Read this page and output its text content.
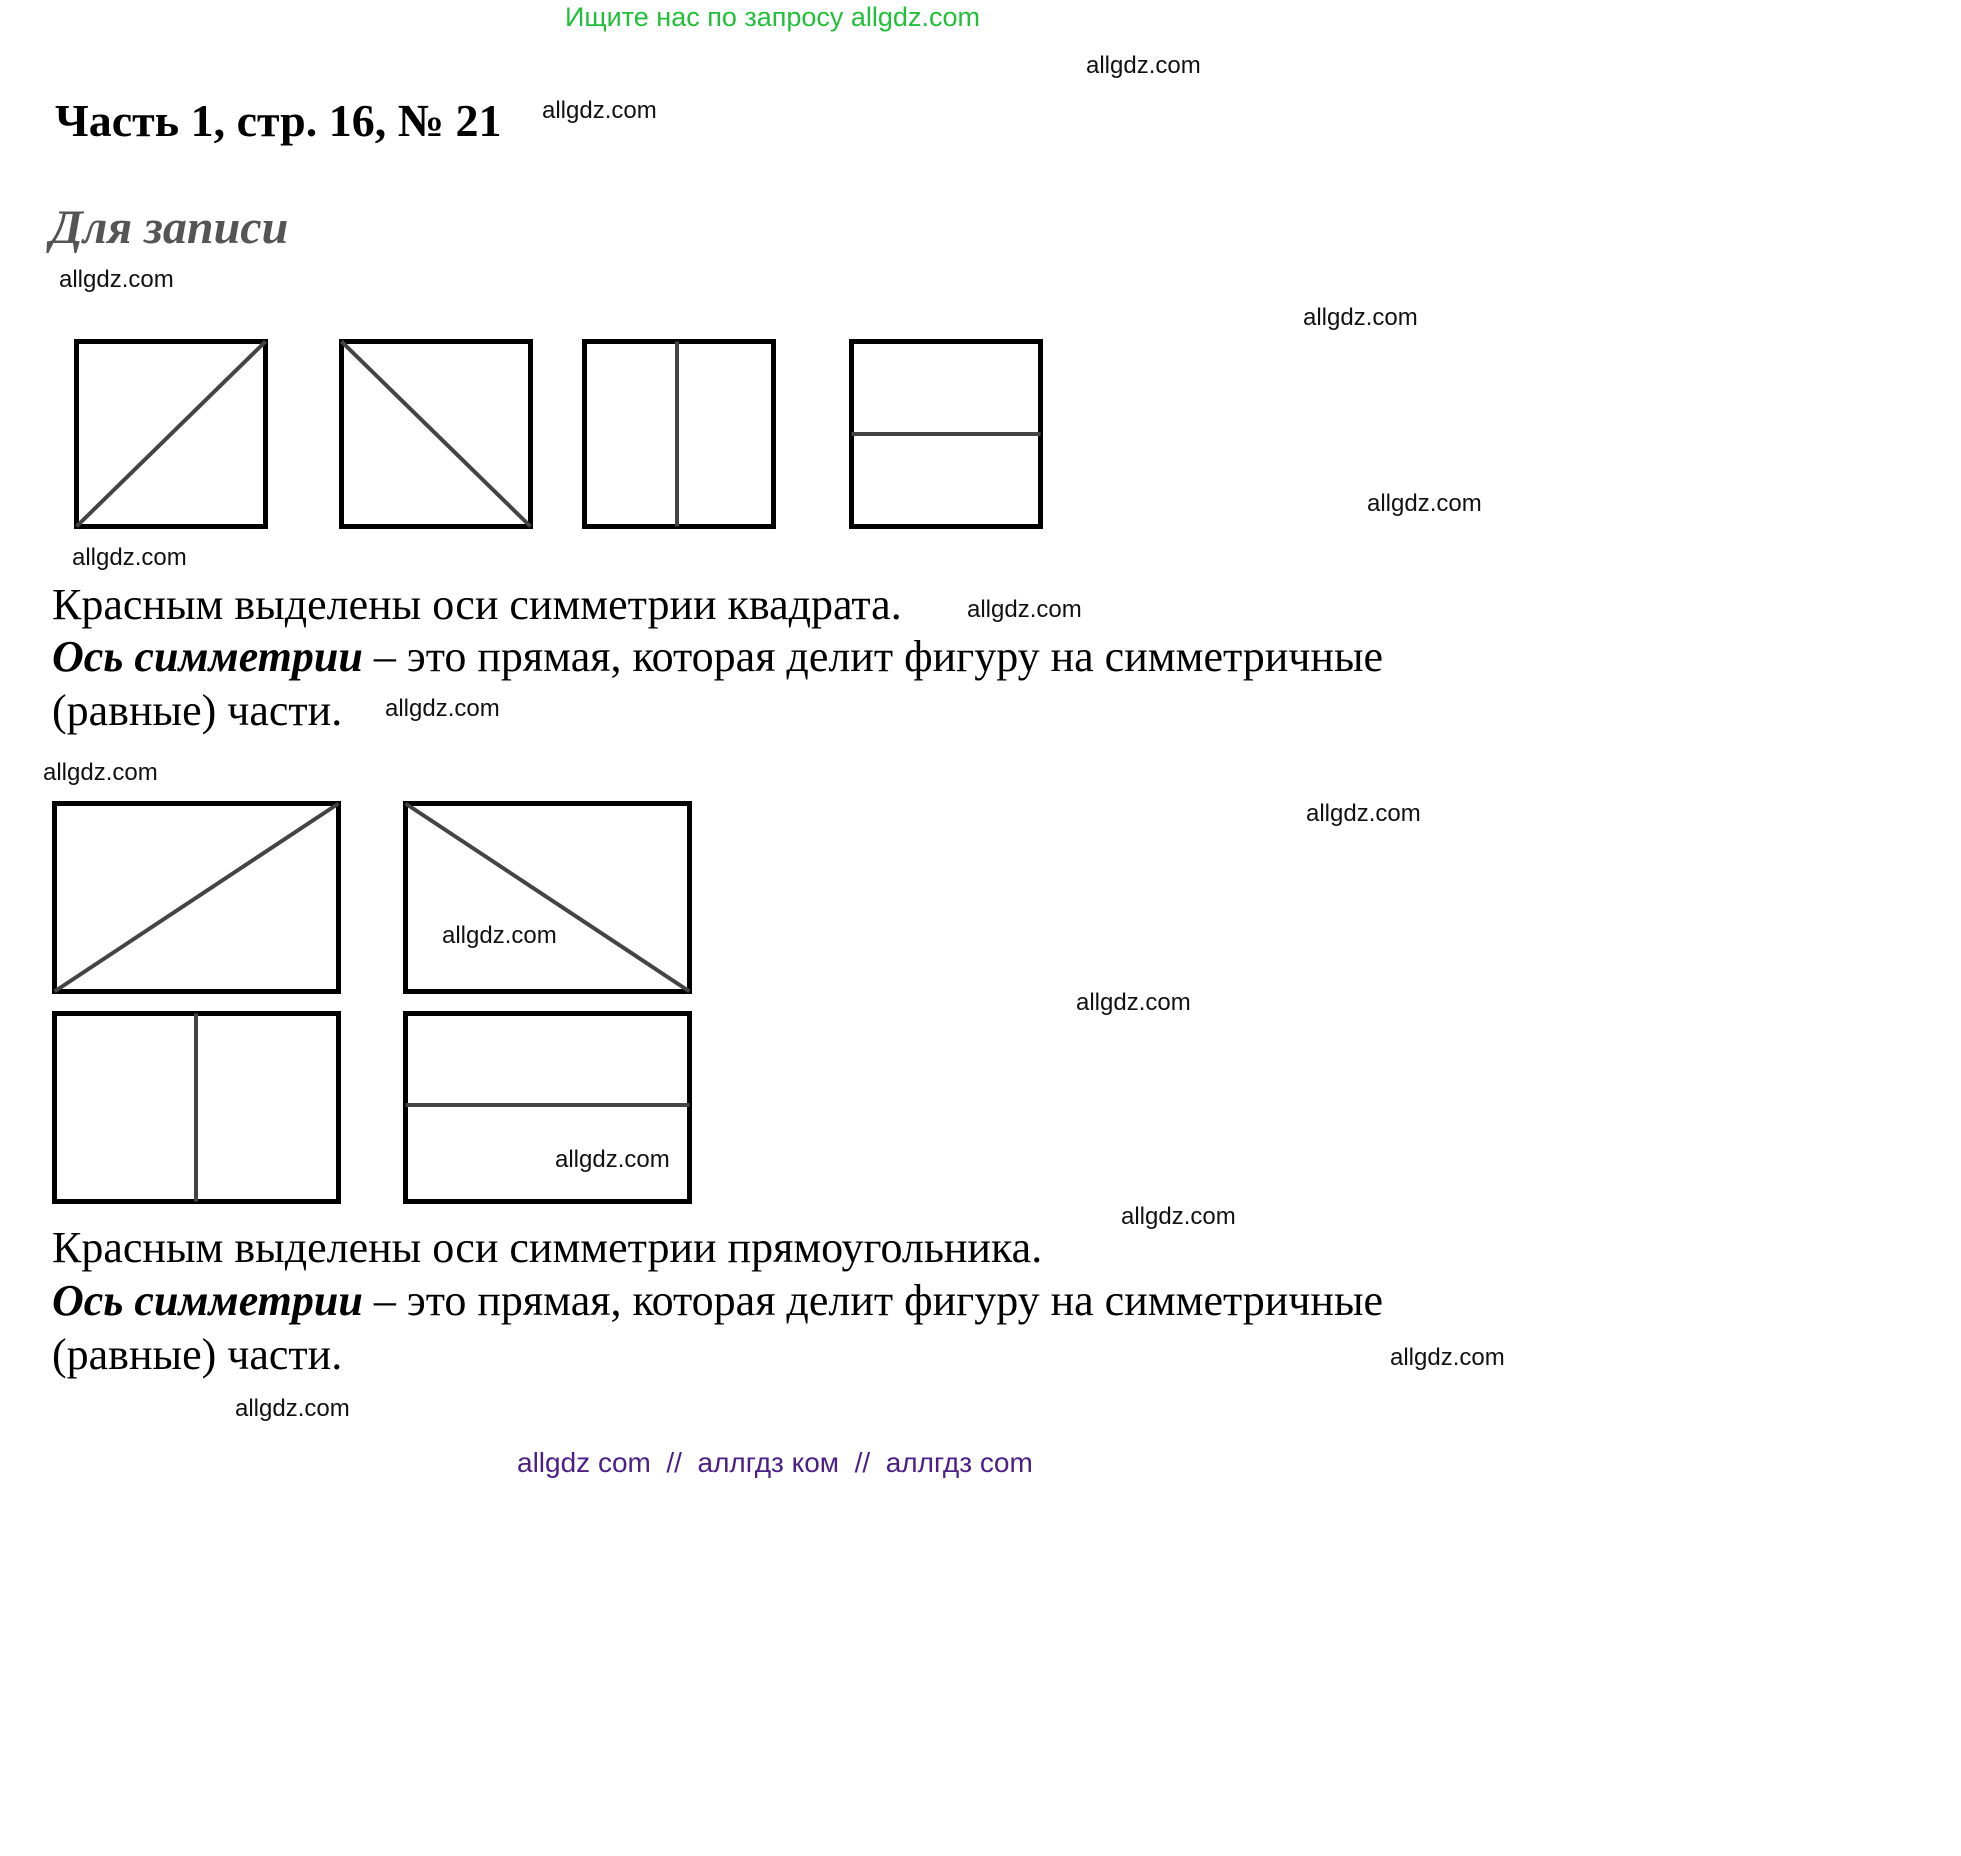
Ищите нас по запросу allgdz.com
Часть 1, стр. 16, № 21
Для записи
Красным выделены оси симметрии квадрата.
Ось симметрии – это прямая, которая делит фигуру на симметричные
(равные) части.
Красным выделены оси симметрии прямоугольника.
Ось симметрии – это прямая, которая делит фигуру на симметричные
(равные) части.
allgdz.com
allgdz.com
allgdz.com
allgdz.com
allgdz.com
allgdz.com
allgdz.com
allgdz.com
allgdz.com
allgdz.com
allgdz.com
allgdz.com
allgdz.com
allgdz.com
allgdz.com
allgdz.com
allgdz com  //  аллгдз ком  //  аллгдз com
